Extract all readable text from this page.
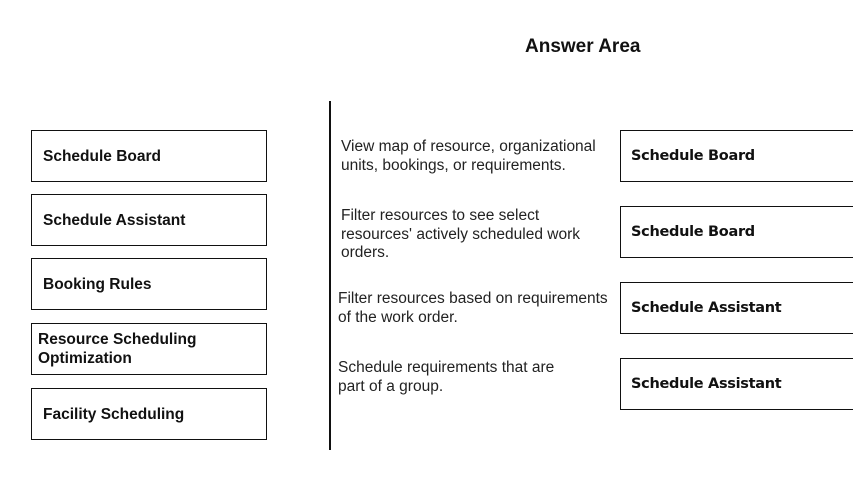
Answer Area
Schedule Board
Schedule Assistant
Booking Rules
Resource Scheduling Optimization
Facility Scheduling
View map of resource, organizational units, bookings, or requirements.
Filter resources to see select resources' actively scheduled work orders.
Filter resources based on requirements of the work order.
Schedule requirements that are part of a group.
Schedule Board
Schedule Board
Schedule Assistant
Schedule Assistant
